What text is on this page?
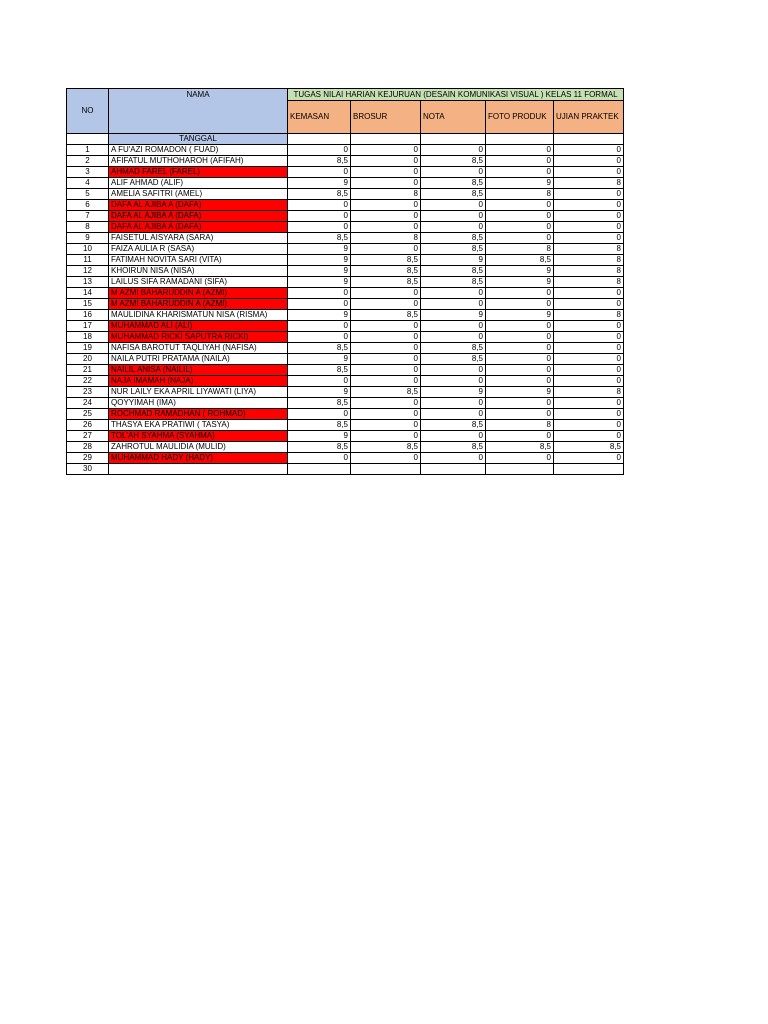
NO	NAMA	TUGAS NILAI HARIAN KEJURUAN (DESAIN KOMUNIKASI VISUAL ) KELAS 11 FORMAL				
		KEMASAN	BROSUR	NOTA	FOTO PRODUK	UJIAN PRAKTEK
	TANGGAL					
1	A FU'AZI ROMADON ( FUAD)	0	0	0	0	0
2	AFIFATUL MUTHOHAROH (AFIFAH)	8,5	0	8,5	0	0
3	AHMAD FAREL (FAREL)	0	0	0	0	0
4	ALIF AHMAD (ALIF)	9	0	8,5	9	8
5	AMELIA SAFITRI (AMEL)	8,5	8	8,5	8	0
6	DAFA AL AJIBA A (DAFA)	0	0	0	0	0
7	DAFA AL AJIBA A (DAFA)	0	0	0	0	0
8	DAFA AL AJIBA A (DAFA)	0	0	0	0	0
9	FAISETUL AISYARA (SARA)	8,5	8	8,5	0	0
10	FAIZA AULIA R (SASA)	9	0	8,5	8	8
11	FATIMAH NOVITA SARI (VITA)	9	8,5	9	8,5	8
12	KHOIRUN NISA (NISA)	9	8,5	8,5	9	8
13	LAILUS SIFA RAMADANI (SIFA)	9	8,5	8,5	9	8
14	M AZMI BAHARUDDIN A (AZMI)	0	0	0	0	0
15	M AZMI BAHARUDDIN A (AZMI)	0	0	0	0	0
16	MAULIDINA KHARISMATUN NISA (RISMA)	9	8,5	9	9	8
17	MUHAMMAD ALI (ALI)	0	0	0	0	0
18	MUHAMMAD RICKI SAPUTRA RICKI)	0	0	0	0	0
19	NAFISA BAROTUT TAQLIYAH (NAFISA)	8,5	0	8,5	0	0
20	NAILA PUTRI PRATAMA (NAILA)	9	0	8,5	0	0
21	NAILIL ANISA (NAILIL)	8,5	0	0	0	0
22	NAJA IMAMAH (NAJA)	0	0	0	0	0
23	NUR LAILY EKA APRIL LIYAWATI (LIYA)	9	8,5	9	9	8
24	QOYYIMAH (IMA)	8,5	0	0	0	0
25	ROCHMAD RAMADHAN ( ROHMAD)	0	0	0	0	0
26	THASYA EKA PRATIWI ( TASYA)	8,5	0	8,5	8	0
27	TOL'AH SYAHMA (SYAHMA)	9	0	0	0	0
28	ZAHROTUL MAULIDIA (MULID)	8,5	8,5	8,5	8,5	8,5
29	MUHAMMAD HADY (HADY)	0	0	0	0	0
30						
